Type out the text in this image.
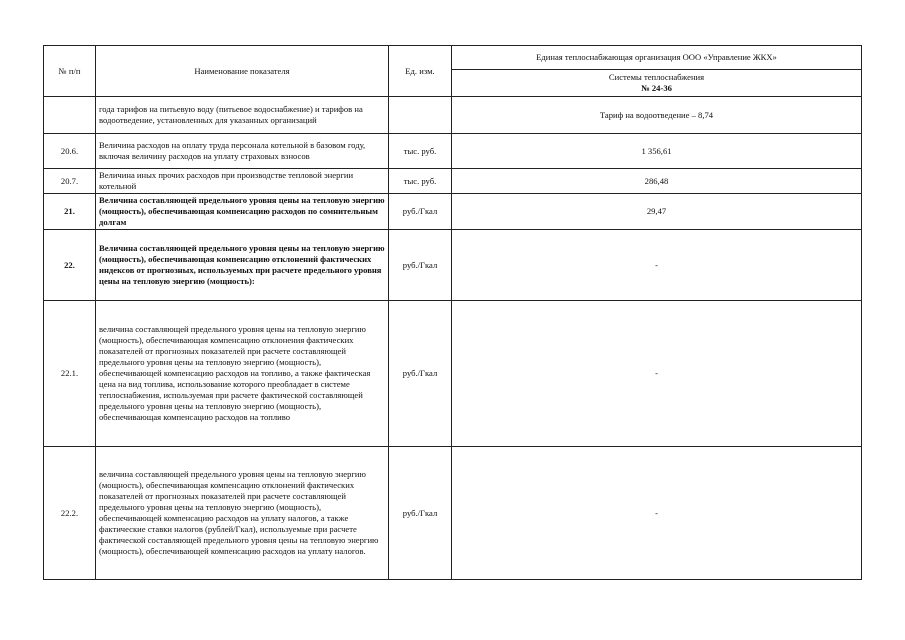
№ п/п	Наименование показателя	Ед. изм.	Единая теплоснабжающая организация ООО «Управление ЖКХ»

			Системы теплоснабжения
№ 24-36

	года тарифов на питьевую воду (питьевое водоснабжение) и тарифов на водоотведение, установленных для указанных организаций		Тариф на водоотведение – 8,74
20.6.	Величина расходов на оплату труда персонала котельной в базовом году, включая величину расходов на уплату страховых взносов	тыс. руб.	1 356,61
20.7.	Величина иных прочих расходов при производстве тепловой энергии котельной	тыс. руб.	286,48
21.	Величина составляющей предельного уровня цены на тепловую энергию (мощность), обеспечивающая компенсацию расходов по сомнительным долгам	руб./Гкал	29,47
22.	Величина составляющей предельного уровня цены на тепловую энергию (мощность), обеспечивающая компенсацию отклонений фактических индексов от прогнозных, используемых при расчете предельного уровня цены на тепловую энергию (мощность):	руб./Гкал	-
22.1.	величина составляющей предельного уровня цены на тепловую энергию (мощность), обеспечивающая компенсацию отклонения фактических показателей от прогнозных показателей при расчете составляющей предельного уровня цены на тепловую энергию (мощность), обеспечивающей компенсацию расходов на топливо, а также фактическая цена на вид топлива, использование которого преобладает в системе теплоснабжения, используемая при расчете фактической составляющей предельного уровня цены на тепловую энергию (мощность), обеспечивающая компенсацию расходов на топливо	руб./Гкал	-
22.2.	величина составляющей предельного уровня цены на тепловую энергию (мощность), обеспечивающая компенсацию отклонений фактических показателей от прогнозных показателей при расчете составляющей предельного уровня цены на тепловую энергию (мощность), обеспечивающей компенсацию расходов на уплату налогов, а также фактические ставки налогов (рублей/Гкал), используемые при расчете фактической составляющей предельного уровня цены на тепловую энергию (мощность), обеспечивающей компенсацию расходов на уплату налогов.	руб./Гкал	-
